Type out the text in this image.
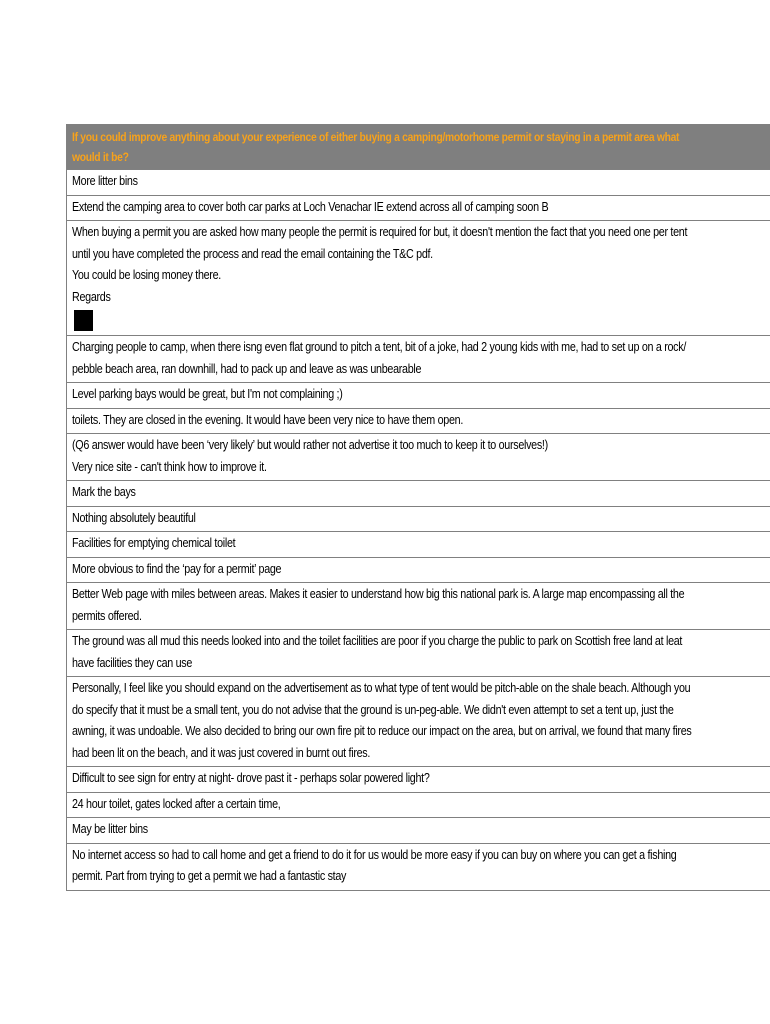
If you could improve anything about your experience of either buying a camping/motorhome permit or staying in a permit area what
would it be?

More litter bins

Extend the camping area to cover both car parks at Loch Venachar IE extend across all of camping soon B

When buying a permit you are asked how many people the permit is required for but, it doesn't mention the fact that you need one per tent
until you have completed the process and read the email containing the T&C pdf.
You could be losing money there.
Regards

Charging people to camp, when there isng even flat ground to pitch a tent, bit of a joke, had 2 young kids with me, had to set up on a rock/
pebble beach area, ran downhill, had to pack up and leave as was unbearable

Level parking bays would be great, but I'm not complaining ;)

toilets. They are closed in the evening. It would have been very nice to have them open.

(Q6 answer would have been ‘very likely’ but would rather not advertise it too much to keep it to ourselves!)
Very nice site - can't think how to improve it.

Mark the bays

Nothing absolutely beautiful

Facilities for emptying chemical toilet

More obvious to find the ‘pay for a permit’ page

Better Web page with miles between areas. Makes it easier to understand how big this national park is. A large map encompassing all the
permits offered.

The ground was all mud this needs looked into and the toilet facilities are poor if you charge the public to park on Scottish free land at leat
have facilities they can use

Personally, I feel like you should expand on the advertisement as to what type of tent would be pitch-able on the shale beach. Although you
do specify that it must be a small tent, you do not advise that the ground is un-peg-able. We didn't even attempt to set a tent up, just the
awning, it was undoable. We also decided to bring our own fire pit to reduce our impact on the area, but on arrival, we found that many fires
had been lit on the beach, and it was just covered in burnt out fires.

Difficult to see sign for entry at night- drove past it - perhaps solar powered light?

24 hour toilet, gates locked after a certain time,

May be litter bins

No internet access so had to call home and get a friend to do it for us would be more easy if you can buy on where you can get a fishing
permit. Part from trying to get a permit we had a fantastic stay
